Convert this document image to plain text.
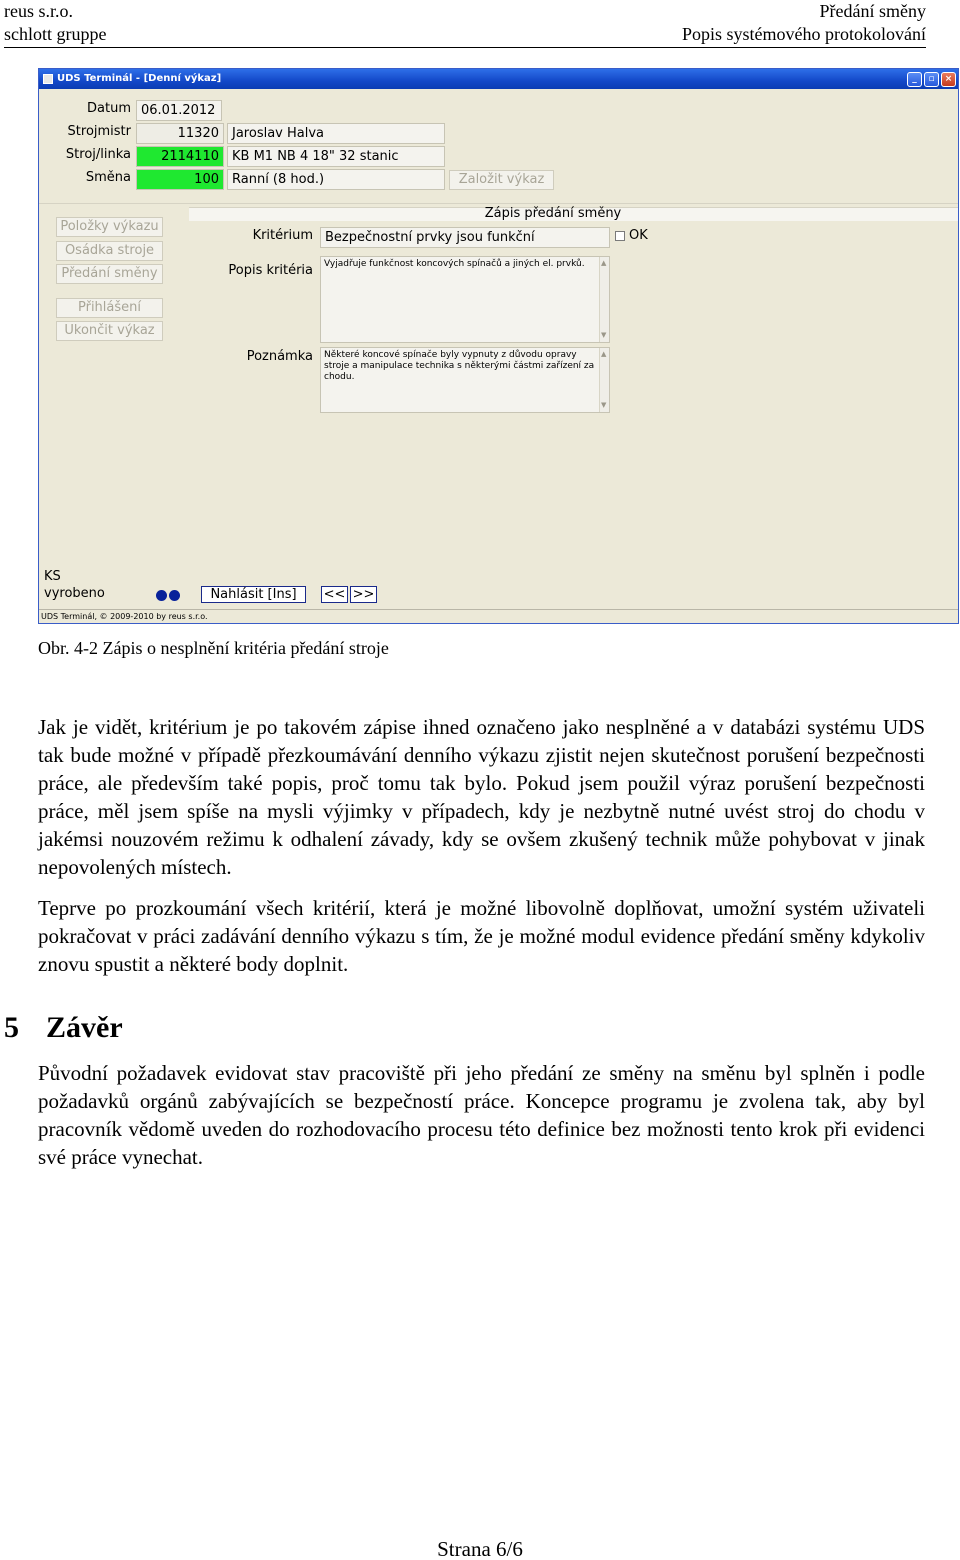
reus s.r.o.
schlott gruppe
Předání směny
Popis systémového protokolování
UDS Terminál - [Denní výkaz]	_	▫	×
Datum 06.01.2012
Strojmistr	11320	Jaroslav Halva
Stroj/linka	2114110	KB M1 NB 4 18" 32 stanic
Směna	100	Ranní (8 hod.)	Založit výkaz
Položky výkazu
Osádka stroje
Předání směny
Přihlášení
Ukončit výkaz
Zápis předání směny
Kritérium Bezpečnostní prvky jsou funkční	OK
Popis kritéria	Vyjadřuje funkčnost koncových spínačů a jiných el. prvků. ▲
▼
Poznámka	Některé koncové spínače byly vypnuty z důvodu opravy stroje a manipulace technika s některými částmi zařízení za chodu.
▲
▼
KS
vyrobeno	Nahlásit [Ins]	<< >>
UDS Terminál, © 2009-2010 by reus s.r.o.
Obr. 4-2 Zápis o nesplnění kritéria předání stroje
Jak je vidět, kritérium je po takovém zápise ihned označeno jako nesplněné a v databázi systému UDS tak bude možné v případě přezkoumávání denního výkazu zjistit nejen skutečnost porušení bezpečnosti práce, ale především také popis, proč tomu tak bylo. Pokud jsem použil výraz porušení bezpečnosti práce, měl jsem spíše na mysli výjimky v případech, kdy je nezbytně nutné uvést stroj do chodu v jakémsi nouzovém režimu k odhalení závady, kdy se ovšem zkušený technik může pohybovat v jinak nepovolených místech.
Teprve po prozkoumání všech kritérií, která je možné libovolně doplňovat, umožní systém uživateli pokračovat v práci zadávání denního výkazu s tím, že je možné modul evidence předání směny kdykoliv znovu spustit a některé body doplnit.
5 Závěr
Původní požadavek evidovat stav pracoviště při jeho předání ze směny na směnu byl splněn i podle požadavků orgánů zabývajících se bezpečností práce. Koncepce programu je zvolena tak, aby byl pracovník vědomě uveden do rozhodovacího procesu této definice bez možnosti tento krok při evidenci své práce vynechat.
Strana 6/6
